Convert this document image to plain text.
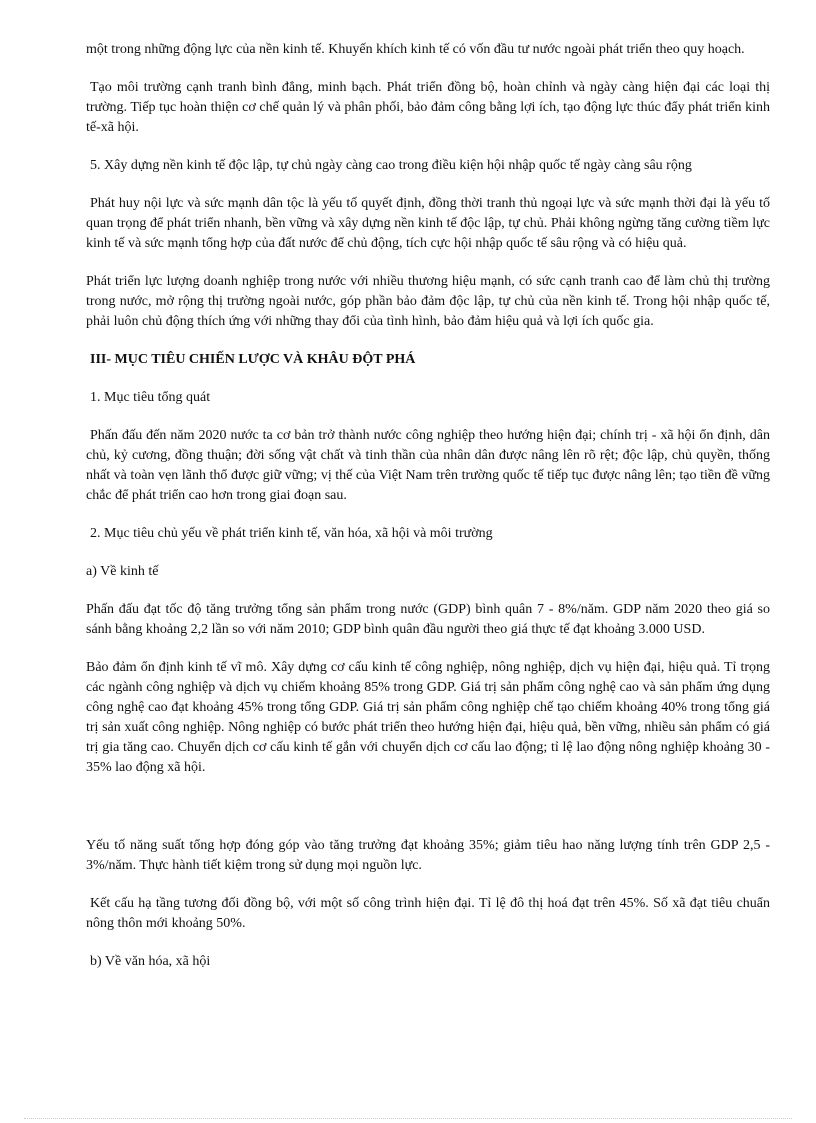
một trong những động lực của nền kinh tế. Khuyến khích kinh tế có vốn đầu tư nước ngoài phát triển theo quy hoạch.

Tạo môi trường cạnh tranh bình đẳng, minh bạch. Phát triển đồng bộ, hoàn chỉnh và ngày càng hiện đại các loại thị trường. Tiếp tục hoàn thiện cơ chế quản lý và phân phối, bảo đảm công bằng lợi ích, tạo động lực thúc đẩy phát triển kinh tế-xã hội.

5. Xây dựng nền kinh tế độc lập, tự chủ ngày càng cao trong điều kiện hội nhập quốc tế ngày càng sâu rộng

Phát huy nội lực và sức mạnh dân tộc là yếu tố quyết định, đồng thời tranh thủ ngoại lực và sức mạnh thời đại là yếu tố quan trọng để phát triển nhanh, bền vững và xây dựng nền kinh tế độc lập, tự chủ. Phải không ngừng tăng cường tiềm lực kinh tế và sức mạnh tổng hợp của đất nước để chủ động, tích cực hội nhập quốc tế sâu rộng và có hiệu quả.

Phát triển lực lượng doanh nghiệp trong nước với nhiều thương hiệu mạnh, có sức cạnh tranh cao để làm chủ thị trường trong nước, mở rộng thị trường ngoài nước, góp phần bảo đảm độc lập, tự chủ của nền kinh tế. Trong hội nhập quốc tế, phải luôn chủ động thích ứng với những thay đổi của tình hình, bảo đảm hiệu quả và lợi ích quốc gia.

III- MỤC TIÊU CHIẾN LƯỢC VÀ KHÂU ĐỘT PHÁ

1. Mục tiêu tổng quát

Phấn đấu đến năm 2020 nước ta cơ bản trở thành nước công nghiệp theo hướng hiện đại; chính trị - xã hội ổn định, dân chủ, kỷ cương, đồng thuận; đời sống vật chất và tinh thần của nhân dân được nâng lên rõ rệt; độc lập, chủ quyền, thống nhất và toàn vẹn lãnh thổ được giữ vững; vị thế của Việt Nam trên trường quốc tế tiếp tục được nâng lên; tạo tiền đề vững chắc để phát triển cao hơn trong giai đoạn sau.

2. Mục tiêu chủ yếu về phát triển kinh tế, văn hóa, xã hội và môi trường

a) Về kinh tế

Phấn đấu đạt tốc độ tăng trưởng tổng sản phẩm trong nước (GDP) bình quân 7 - 8%/năm. GDP năm 2020 theo giá so sánh bằng khoảng 2,2 lần so với năm 2010; GDP bình quân đầu người theo giá thực tế đạt khoảng 3.000 USD.

Bảo đảm ổn định kinh tế vĩ mô. Xây dựng cơ cấu kinh tế công nghiệp, nông nghiệp, dịch vụ hiện đại, hiệu quả. Tỉ trọng các ngành công nghiệp và dịch vụ chiếm khoảng 85% trong GDP. Giá trị sản phẩm công nghệ cao và sản phẩm ứng dụng công nghệ cao đạt khoảng 45% trong tổng GDP. Giá trị sản phẩm công nghiệp chế tạo chiếm khoảng 40% trong tổng giá trị sản xuất công nghiệp. Nông nghiệp có bước phát triển theo hướng hiện đại, hiệu quả, bền vững, nhiều sản phẩm có giá trị gia tăng cao. Chuyển dịch cơ cấu kinh tế gắn với chuyển dịch cơ cấu lao động; tỉ lệ lao động nông nghiệp khoảng 30 - 35% lao động xã hội.

Yếu tố năng suất tổng hợp đóng góp vào tăng trưởng đạt khoảng 35%; giảm tiêu hao năng lượng tính trên GDP 2,5 - 3%/năm. Thực hành tiết kiệm trong sử dụng mọi nguồn lực.

Kết cấu hạ tầng tương đối đồng bộ, với một số công trình hiện đại. Tỉ lệ đô thị hoá đạt trên 45%. Số xã đạt tiêu chuẩn nông thôn mới khoảng 50%.

b) Về văn hóa, xã hội
